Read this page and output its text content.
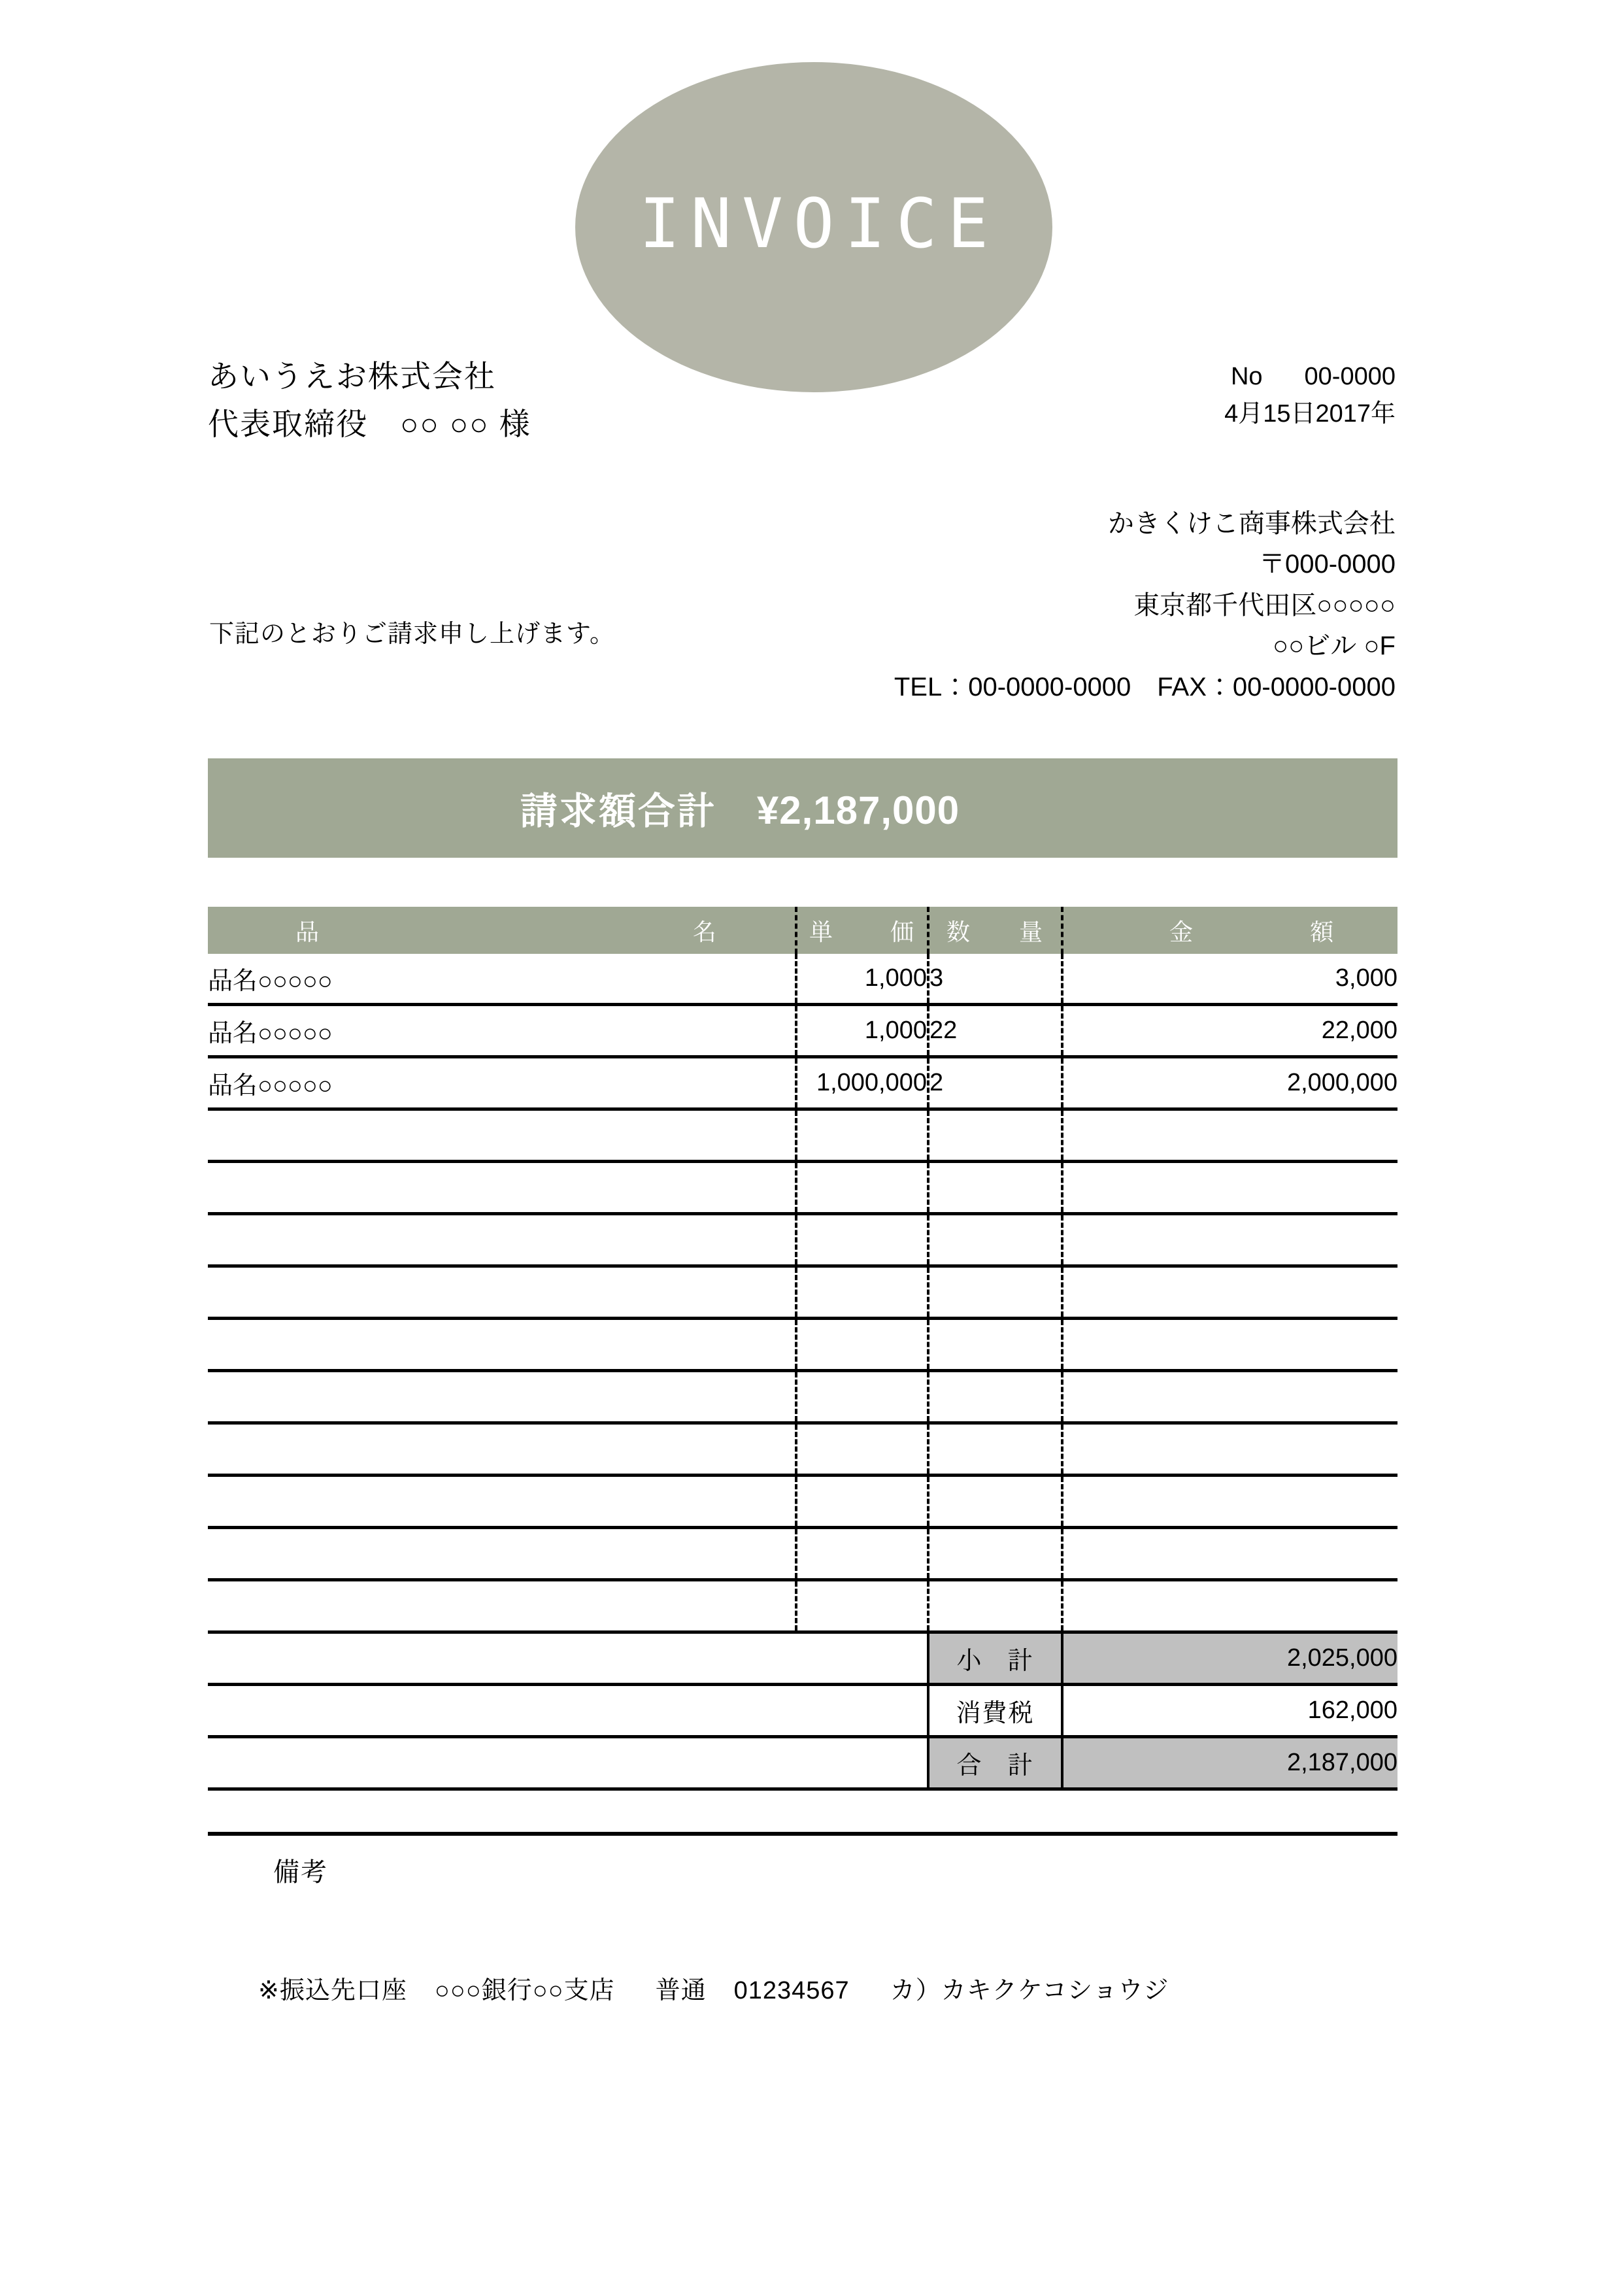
INVOICE
あいうえお株式会社
代表取締役　○○ ○○ 様
No 00-0000
4月15日2017年
かきくけこ商事株式会社
〒000-0000
東京都千代田区○○○○○
○○ビル ○F
TEL：00-0000-0000　FAX：00-0000-0000
下記のとおりご請求申し上げます。
請求額合計 ¥2,187,000
品 名	単 価	数 量	金 額

品名○○○○○	1,000	3	3,000
品名○○○○○	1,000	22	22,000
品名○○○○○	1,000,000	2	2,000,000

		小 計	2,025,000
		消費税	162,000

		合 計	2,187,000
備考
※振込先口座 ○○○銀行○○支店 普通 01234567 カ）カキクケコショウジ
